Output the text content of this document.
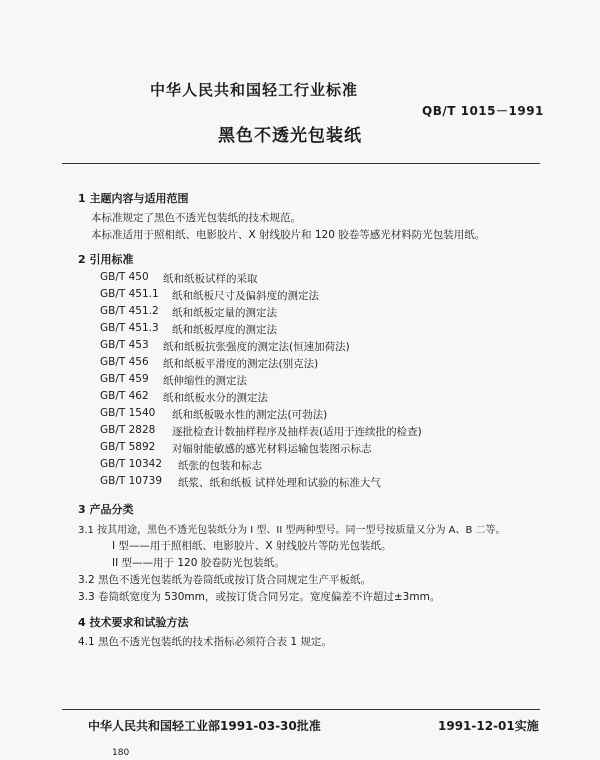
中华人民共和国轻工行业标准
QB/T 1015－1991
黑色不透光包装纸
1 主题内容与适用范围
本标准规定了黑色不透光包装纸的技术规范。
本标准适用于照相纸、电影胶片、X 射线胶片和 120 胶卷等感光材料防光包装用纸。
2 引用标准
GB/T 450 纸和纸板试样的采取
GB/T 451.1 纸和纸板尺寸及偏斜度的测定法
GB/T 451.2 纸和纸板定量的测定法
GB/T 451.3 纸和纸板厚度的测定法
GB/T 453 纸和纸板抗张强度的测定法(恒速加荷法)
GB/T 456 纸和纸板平滑度的测定法(别克法)
GB/T 459 纸伸缩性的测定法
GB/T 462 纸和纸板水分的测定法
GB/T 1540 纸和纸板吸水性的测定法(可勃法)
GB/T 2828 逐批检查计数抽样程序及抽样表(适用于连续批的检查)
GB/T 5892 对辐射能敏感的感光材料运输包装图示标志
GB/T 10342 纸张的包装和标志
GB/T 10739 纸浆、纸和纸板 试样处理和试验的标准大气
3 产品分类
3.1 按其用途，黑色不透光包装纸分为 I 型、II 型两种型号。同一型号按质量又分为 A、B 二等。
I 型——用于照相纸、电影胶片、X 射线胶片等防光包装纸。
II 型——用于 120 胶卷防光包装纸。
3.2 黑色不透光包装纸为卷筒纸或按订货合同规定生产平板纸。
3.3 卷筒纸宽度为 530mm，或按订货合同另定。宽度偏差不许超过±3mm。
4 技术要求和试验方法
4.1 黑色不透光包装纸的技术指标必须符合表 1 规定。
中华人民共和国轻工业部1991-03-30批准	1991-12-01实施
180
